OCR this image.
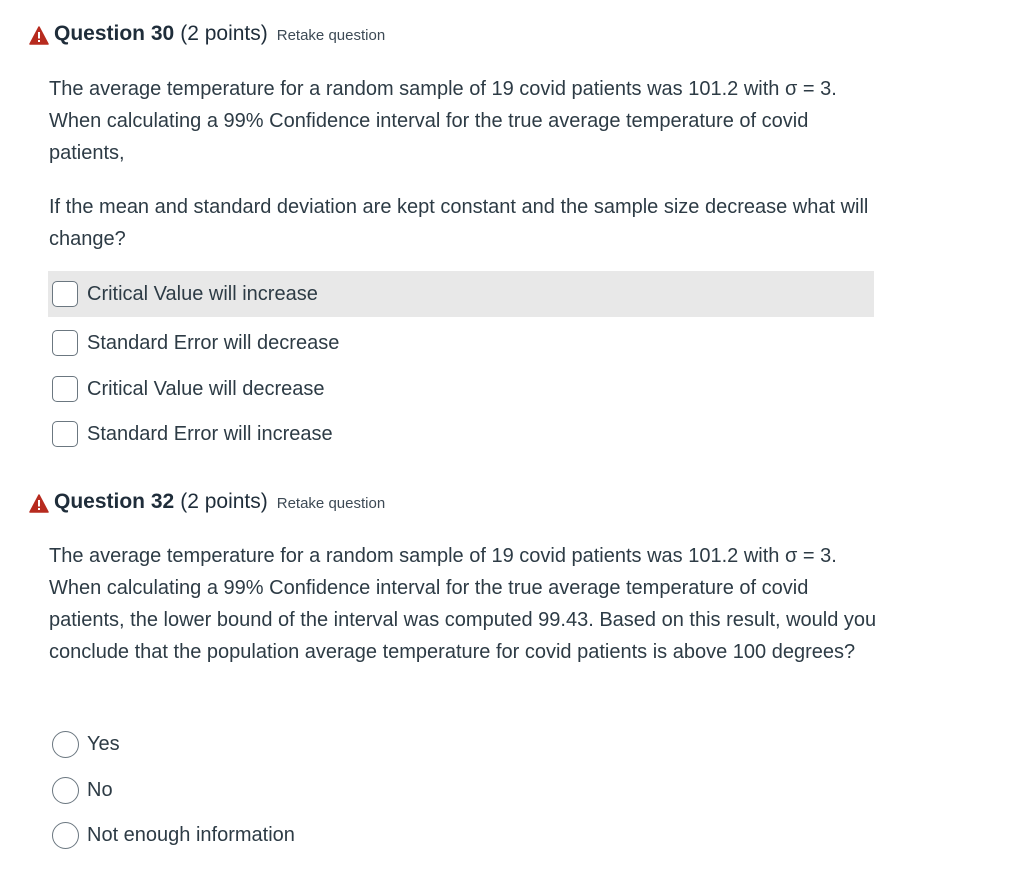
Question 30 (2 points) Retake question

The average temperature for a random sample of 19 covid patients was 101.2 with σ = 3. When calculating a 99% Confidence interval for the true average temperature of covid patients,

If the mean and standard deviation are kept constant and the sample size decrease what will change?

Critical Value will increase
Standard Error will decrease
Critical Value will decrease
Standard Error will increase
Question 32 (2 points) Retake question

The average temperature for a random sample of 19 covid patients was 101.2 with σ = 3. When calculating a 99% Confidence interval for the true average temperature of covid patients, the lower bound of the interval was computed 99.43. Based on this result, would you conclude that the population average temperature for covid patients is above 100 degrees?

Yes
No
Not enough information
